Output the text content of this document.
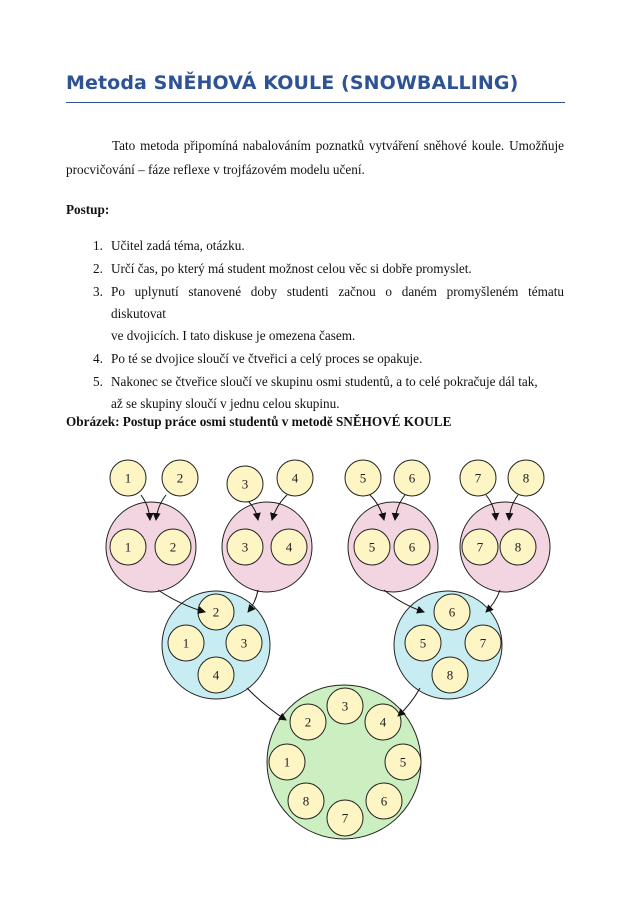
Metoda SNĚHOVÁ KOULE (SNOWBALLING)
Tato metoda připomíná nabalováním poznatků vytváření sněhové koule. Umožňuje
procvičování – fáze reflexe v trojfázovém modelu učení.
Postup:
1. Učitel zadá téma, otázku.
2. Určí čas, po který má student možnost celou věc si dobře promyslet.
3. Po uplynutí stanovené doby studenti začnou o daném promyšleném tématu diskutovat
ve dvojicích. I tato diskuse je omezena časem.
4. Po té se dvojice sloučí ve čtveřici a celý proces se opakuje.
5. Nakonec se čtveřice sloučí ve skupinu osmi studentů, a to celé pokračuje dál tak,
až se skupiny sloučí v jednu celou skupinu.
Obrázek: Postup práce osmi studentů v metodě SNĚHOVÉ KOULE
1	2	3	4	5	6	7	8
1	2	3	4	5	6	7 8
1
2
3
4
5
6
7
8
1
2
3
4
5
6
7
8
